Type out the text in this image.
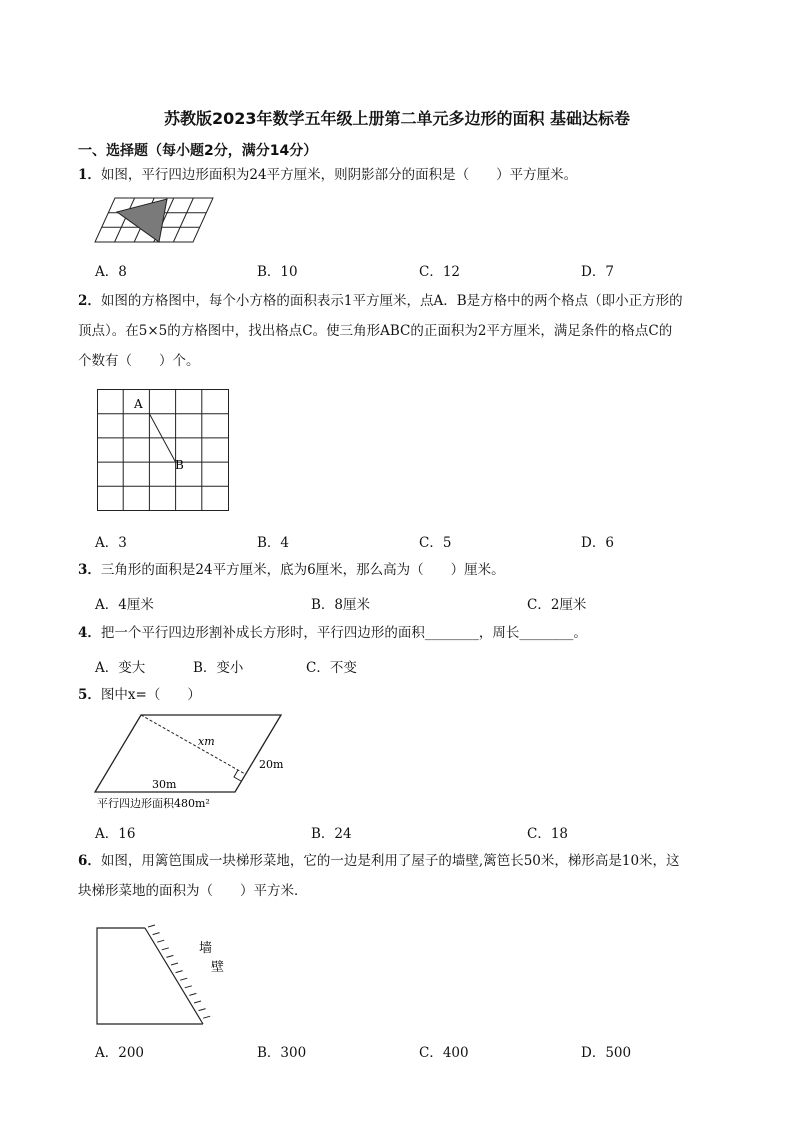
苏教版2023年数学五年级上册第二单元多边形的面积 基础达标卷
一、选择题（每小题2分，满分14分）
1．如图，平行四边形面积为24平方厘米，则阴影部分的面积是（　　）平方厘米。
A．8	B．10	C．12	D．7
2．如图的方格图中，每个小方格的面积表示1平方厘米，点A．B是方格中的两个格点（即小正方形的
顶点）。在5×5的方格图中，找出格点C。使三角形ABC的正面积为2平方厘米，满足条件的格点C的
个数有（　　）个。
A
B
A．3	B．4	C．5	D．6
3．三角形的面积是24平方厘米，底为6厘米，那么高为（　　）厘米。
A．4厘米	B．8厘米	C．2厘米
4．把一个平行四边形割补成长方形时，平行四边形的面积________，周长________。
A．变大	B．变小	C．不变
5．图中x=（　　）
xm
20m
30m
平行四边形面积480m²
A．16	B．24	C．18
6．如图，用篱笆围成一块梯形菜地，它的一边是利用了屋子的墙壁,篱笆长50米，梯形高是10米，这
块梯形菜地的面积为（　　）平方米．
墙
壁
A．200	B．300	C．400	D．500
